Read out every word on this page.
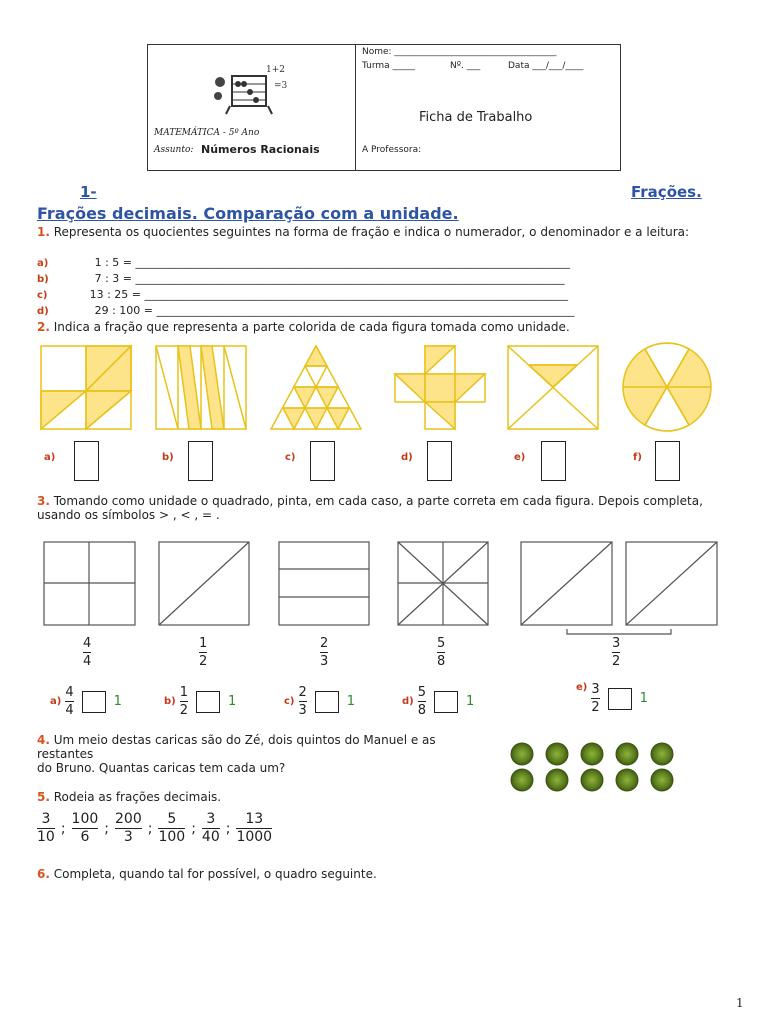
1+2
=3
MATEMÁTICA - 5º Ano
Assunto: Números Racionais
Nome: ____________________________________
Turma _____	Nº. ___	Data ___/___/____
Ficha de Trabalho
A Professora:
1-	Frações.
Frações decimais. Comparação com a unidade.
1. Representa os quocientes seguintes na forma de fração e indica o numerador, o denominador e a leitura:
a)	1 : 5 = _______________________________________________________________________________
b)	7 : 3 = ______________________________________________________________________________
c)	13 : 25 = _____________________________________________________________________________
d)	29 : 100 = ____________________________________________________________________________
2. Indica a fração que representa a parte colorida de cada figura tomada como unidade.
a)	b)	c)	d)	e)	f)
3. Tomando como unidade o quadrado, pinta, em cada caso, a parte correta em cada figura. Depois completa,
usando os símbolos > , < , = .
4
4
1
2
2
3
5
8
3
2
$a) \frac{4}{4}$	1	$b) \frac{1}{2}$	1	$c) \frac{2}{3}$	1	$d) \frac{5}{8}$	1
$e) \frac{3}{2}$	1
4. Um meio destas caricas são do Zé, dois quintos do Manuel e as restantes
do Bruno. Quantas caricas tem cada um?
5. Rodeia as frações decimais.
$\frac{3}{10}$ ; $\frac{100}{6}$ ; $\frac{200}{3}$ ; $\frac{5}{100}$ ; $\frac{3}{40}$ ; $\frac{13}{1000}$
6. Completa, quando tal for possível, o quadro seguinte.
1
